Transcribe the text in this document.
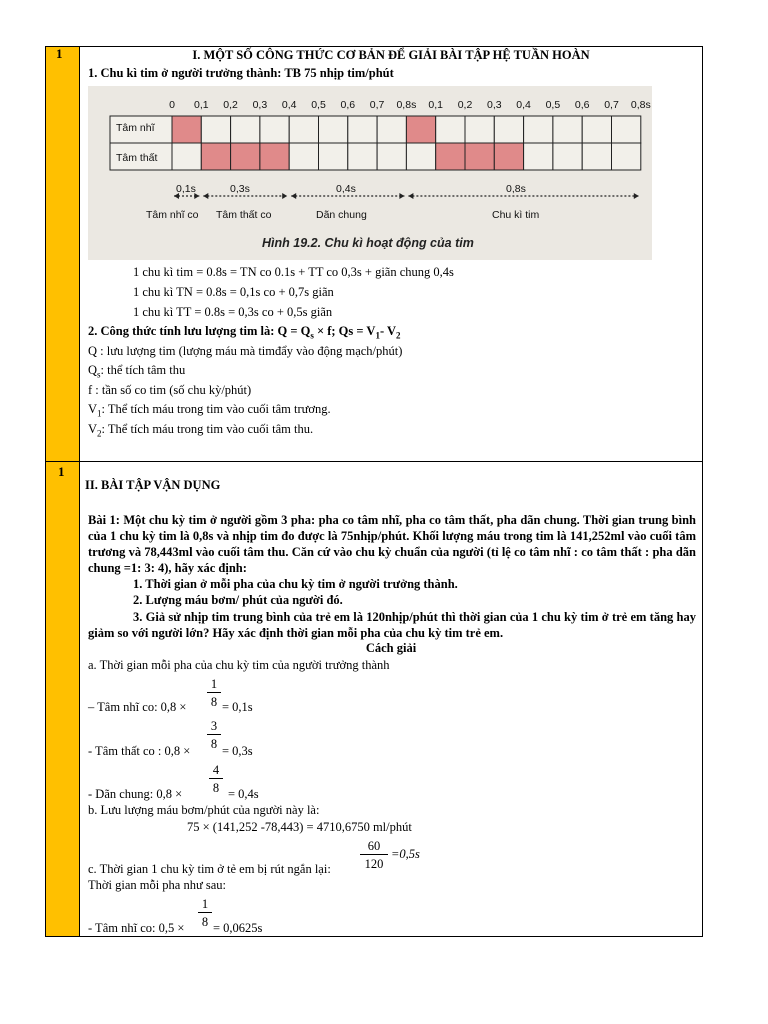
1
1	I. MỘT SỐ CÔNG THỨC CƠ BẢN ĐỂ GIẢI BÀI TẬP HỆ TUẦN HOÀN
1. Chu kì tim ở người trưởng thành: TB 75 nhịp tim/phút
0 0,1 0,2 0,3 0,4 0,5 0,6 0,7 0,8s 0,1 0,2 0,3 0,4 0,5 0,6 0,7 0,8s
Tâm nhĩ
Tâm thất
0,1s	0,3s	0,4s	0,8s
Tâm nhĩ co Tâm thất co	Dãn chung	Chu kì tim
Hình 19.2. Chu kì hoạt động của tim
1 chu kì tim = 0.8s = TN co 0.1s + TT co 0,3s + giãn chung 0,4s
1 chu kì TN = 0.8s = 0,1s co + 0,7s giãn
1 chu kì TT = 0.8s = 0,3s co + 0,5s giãn
2. Công thức tính lưu lượng tim là: $Q = Q_s \times f$; $Qs = V_1-$ $V_2$
Q : lưu lượng tim (lượng máu mà timđẩy vào động mạch/phút)
$Q_s$: thể tích tâm thu
f : tần số co tim (số chu kỳ/phút)
$V_1$: Thể tích máu trong tim vào cuối tâm trương.
$V_2$: Thể tích máu trong tim vào cuối tâm thu.
II. BÀI TẬP VẬN DỤNG
Bài 1: Một chu kỳ tim ở người gồm 3 pha: pha co tâm nhĩ, pha co tâm thất, pha dãn chung. Thời gian trung bình của 1 chu kỳ tim là 0,8s và nhịp tim đo được là 75nhịp/phút. Khối lượng máu trong tim là 141,252ml vào cuối tâm trương và 78,443ml vào cuối tâm thu. Căn cứ vào chu kỳ chuẩn của người (tỉ lệ co tâm nhĩ : co tâm thất : pha dãn chung =1: 3: 4), hãy xác định:
1. Thời gian ở mỗi pha của chu kỳ tim ở người trưởng thành.
2. Lượng máu bơm/ phút của người đó.
3. Giả sử nhịp tim trung bình của trẻ em là 120nhịp/phút thì thời gian của 1 chu kỳ tim ở trẻ em tăng hay giảm so với người lớn? Hãy xác định thời gian mỗi pha của chu kỳ tim trẻ em.
Cách giải
a. Thời gian mỗi pha của chu kỳ tim của người trưởng thành
– Tâm nhĩ co: 0,8 ×
1
8 = 0,1s
- Tâm thất co : 0,8 ×
3
8 = 0,3s
- Dãn chung: 0,8 ×
4
8 = 0,4s
b. Lưu lượng máu bơm/phút của người này là:
75 × (141,252 -78,443) = 4710,6750 ml/phút
60
120
=0,5s
c. Thời gian 1 chu kỳ tim ở tẻ em bị rút ngắn lại:
Thời gian mỗi pha như sau:
- Tâm nhĩ co: 0,5 ×
1
8 = 0,0625s
